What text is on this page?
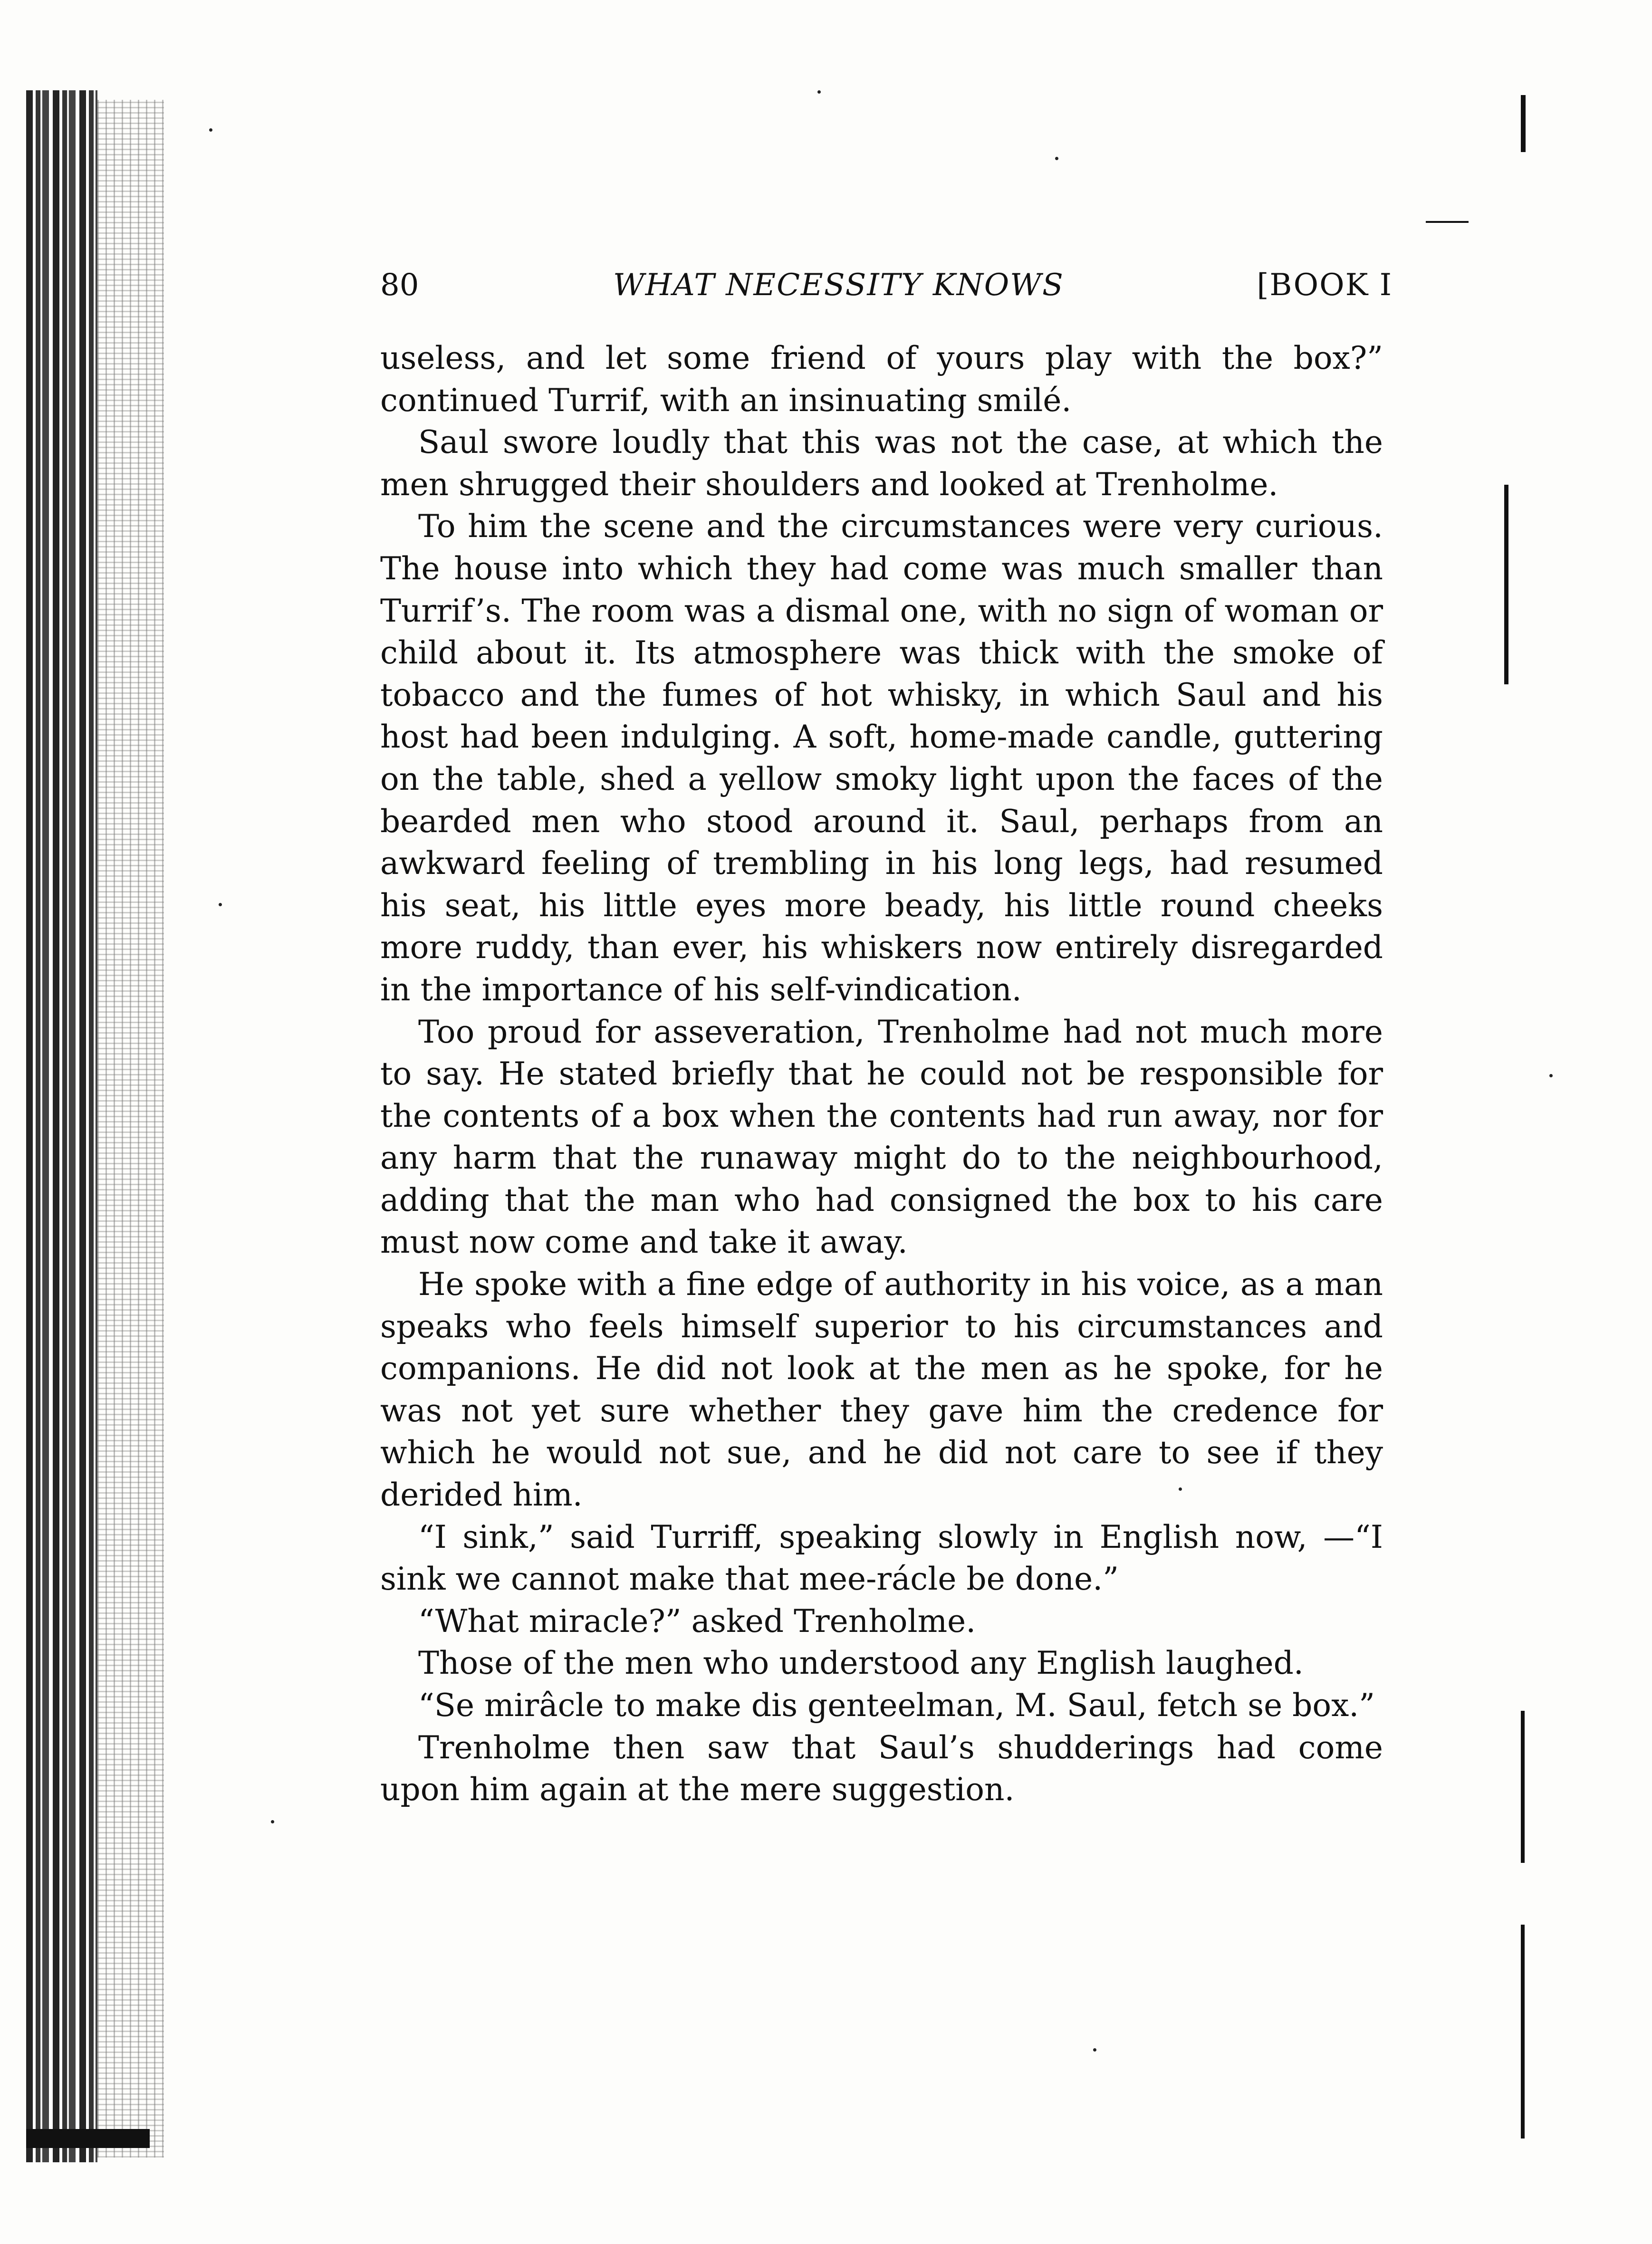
80	WHAT NECESSITY KNOWS	[BOOK I

useless, and let some friend of yours play with the box?” continued Turrif, with an insinuating smilé.

Saul swore loudly that this was not the case, at which the men shrugged their shoulders and looked at Trenholme.

To him the scene and the circumstances were very curious. The house into which they had come was much smaller than Turrif’s. The room was a dismal one, with no sign of woman or child about it. Its atmosphere was thick with the smoke of tobacco and the fumes of hot whisky, in which Saul and his host had been indulging. A soft, home-made candle, guttering on the table, shed a yellow smoky light upon the faces of the bearded men who stood around it. Saul, perhaps from an awkward feeling of trembling in his long legs, had resumed his seat, his little eyes more beady, his little round cheeks more ruddy, than ever, his whiskers now entirely disregarded in the importance of his self-vindication.

Too proud for asseveration, Trenholme had not much more to say. He stated briefly that he could not be responsible for the contents of a box when the contents had run away, nor for any harm that the runaway might do to the neighbourhood, adding that the man who had consigned the box to his care must now come and take it away.

He spoke with a fine edge of authority in his voice, as a man speaks who feels himself superior to his circumstances and companions. He did not look at the men as he spoke, for he was not yet sure whether they gave him the credence for which he would not sue, and he did not care to see if they derided him.

“I sink,” said Turriff, speaking slowly in English now, —“I sink we cannot make that mee-rácle be done.”

“What miracle?” asked Trenholme.

Those of the men who understood any English laughed.

“Se mirâcle to make dis genteelman, M. Saul, fetch se box.”

Trenholme then saw that Saul’s shudderings had come upon him again at the mere suggestion.
